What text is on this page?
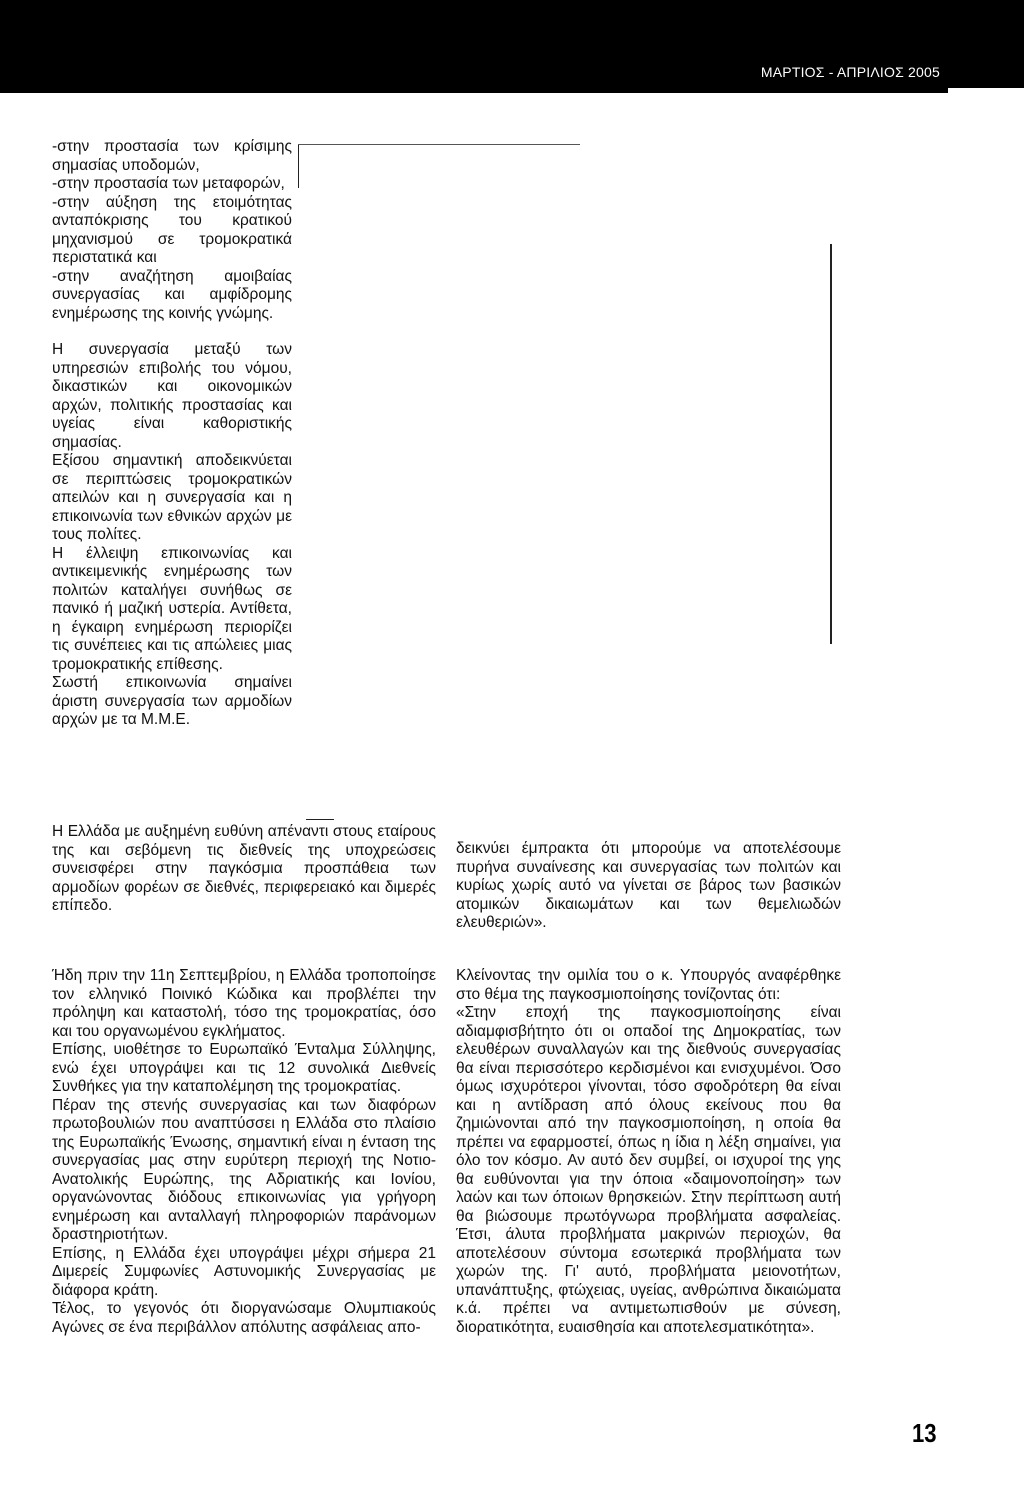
ΜΑΡΤΙΟΣ - ΑΠΡΙΛΙΟΣ 2005

-στην προστασία των κρίσιμης σημασίας υποδομών,

-στην προστασία των μεταφορών,

-στην αύξηση της ετοιμότητας ανταπόκρισης του κρατικού μηχανισμού σε τρομοκρατικά περιστατικά και

-στην αναζήτηση αμοιβαίας συνεργασίας και αμφίδρομης ενημέρωσης της κοινής γνώμης.

Η συνεργασία μεταξύ των υπηρεσιών επιβολής του νόμου, δικαστικών και οικονομικών αρχών, πολιτικής προστασίας και υγείας είναι καθοριστικής σημασίας.

Εξίσου σημαντική αποδεικνύεται σε περιπτώσεις τρομοκρατικών απειλών και η συνεργασία και η επικοινωνία των εθνικών αρχών με τους πολίτες.

Η έλλειψη επικοινωνίας και αντικειμενικής ενημέρωσης των πολιτών καταλήγει συνήθως σε πανικό ή μαζική υστερία. Αντίθετα, η έγκαιρη ενημέρωση περιορίζει τις συνέπειες και τις απώλειες μιας τρομοκρατικής επίθεσης.

Σωστή επικοινωνία σημαίνει άριστη συνεργασία των αρμοδίων αρχών με τα Μ.Μ.Ε.

Η Ελλάδα με αυξημένη ευθύνη απέναντι στους εταίρους της και σεβόμενη τις διεθνείς της υποχρεώσεις συνεισφέρει στην παγκόσμια προσπάθεια των αρμοδίων φορέων σε διεθνές, περιφερειακό και διμερές επίπεδο.

Ήδη πριν την 11η Σεπτεμβρίου, η Ελλάδα τροποποίησε τον ελληνικό Ποινικό Κώδικα και προβλέπει την πρόληψη και καταστολή, τόσο της τρομοκρατίας, όσο και του οργανωμένου εγκλήματος.

Επίσης, υιοθέτησε το Ευρωπαϊκό Ένταλμα Σύλληψης, ενώ έχει υπογράψει και τις 12 συνολικά Διεθνείς Συνθήκες για την καταπολέμηση της τρομοκρατίας.

Πέραν της στενής συνεργασίας και των διαφόρων πρωτοβουλιών που αναπτύσσει η Ελλάδα στο πλαίσιο της Ευρωπαϊκής Ένωσης, σημαντική είναι η ένταση της συνεργασίας μας στην ευρύτερη περιοχή της Νοτιο-Ανατολικής Ευρώπης, της Αδριατικής και Ιονίου, οργανώνοντας διόδους επικοινωνίας για γρήγορη ενημέρωση και ανταλλαγή πληροφοριών παράνομων δραστηριοτήτων.

Επίσης, η Ελλάδα έχει υπογράψει μέχρι σήμερα 21 Διμερείς Συμφωνίες Αστυνομικής Συνεργασίας με διάφορα κράτη.

Τέλος, το γεγονός ότι διοργανώσαμε Ολυμπιακούς Αγώνες σε ένα περιβάλλον απόλυτης ασφάλειας απο-

δεικνύει έμπρακτα ότι μπορούμε να αποτελέσουμε πυρήνα συναίνεσης και συνεργασίας των πολιτών και κυρίως χωρίς αυτό να γίνεται σε βάρος των βασικών ατομικών δικαιωμάτων και των θεμελιωδών ελευθεριών».

Κλείνοντας την ομιλία του ο κ. Υπουργός αναφέρθηκε στο θέμα της παγκοσμιοποίησης τονίζοντας ότι:

«Στην εποχή της παγκοσμιοποίησης είναι αδιαμφισβήτητο ότι οι οπαδοί της Δημοκρατίας, των ελευθέρων συναλλαγών και της διεθνούς συνεργασίας θα είναι περισσότερο κερδισμένοι και ενισχυμένοι. Όσο όμως ισχυρότεροι γίνονται, τόσο σφοδρότερη θα είναι και η αντίδραση από όλους εκείνους που θα ζημιώνονται από την παγκοσμιοποίηση, η οποία θα πρέπει να εφαρμοστεί, όπως η ίδια η λέξη σημαίνει, για όλο τον κόσμο. Αν αυτό δεν συμβεί, οι ισχυροί της γης θα ευθύνονται για την όποια «δαιμονοποίηση» των λαών και των όποιων θρησκειών. Στην περίπτωση αυτή θα βιώσουμε πρωτόγνωρα προβλήματα ασφαλείας. Έτσι, άλυτα προβλήματα μακρινών περιοχών, θα αποτελέσουν σύντομα εσωτερικά προβλήματα των χωρών της. Γι' αυτό, προβλήματα μειονοτήτων, υπανάπτυξης, φτώχειας, υγείας, ανθρώπινα δικαιώματα κ.ά. πρέπει να αντιμετωπισθούν με σύνεση, διορατικότητα, ευαισθησία και αποτελεσματικότητα».

13
